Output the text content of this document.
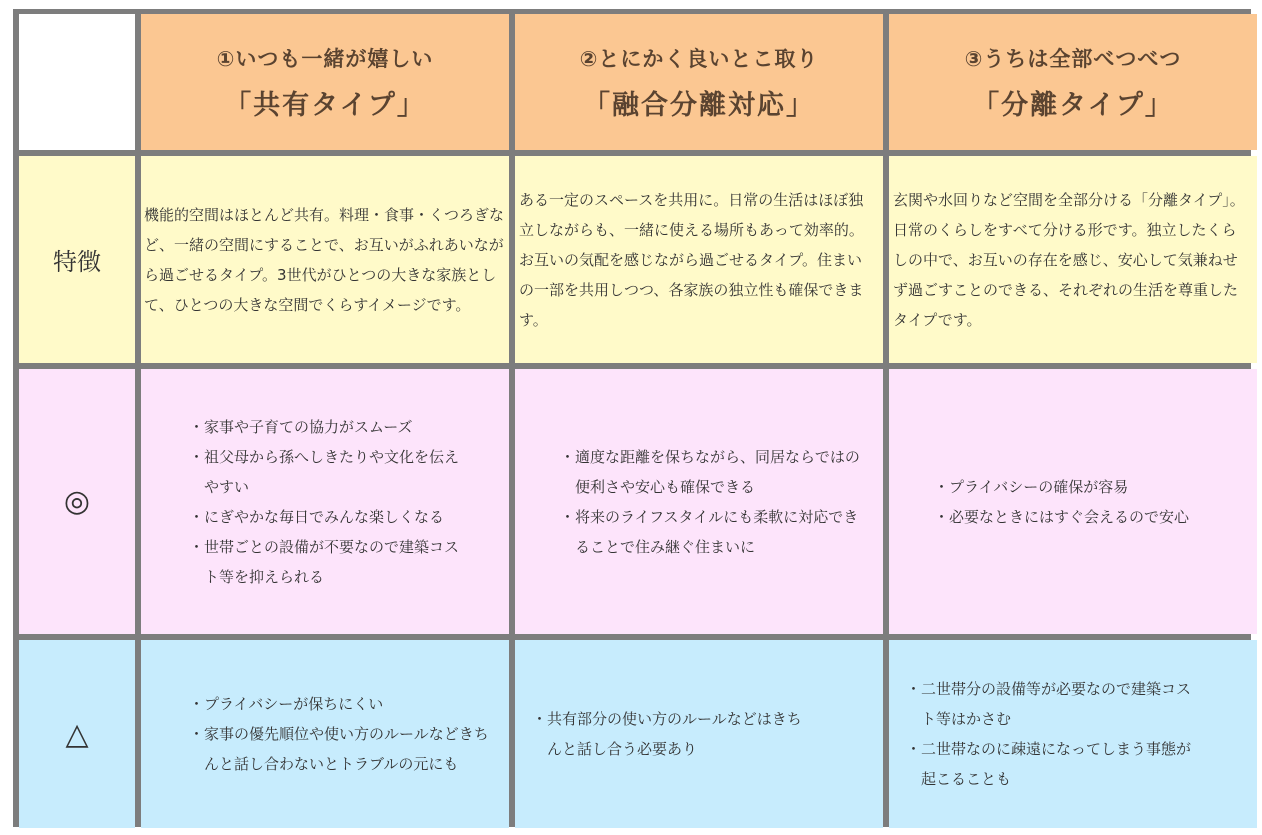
①いつも一緒が嬉しい
「共有タイプ」
②とにかく良いとこ取り
「融合分離対応」
③うちは全部べつべつ
「分離タイプ」
特徴

機能的空間はほとんど共有。料理・食事・くつろぎなど、一緒の空間にすることで、お互いがふれあいながら過ごせるタイプ。3世代がひとつの大きな家族として、ひとつの大きな空間でくらすイメージです。

ある一定のスペースを共用に。日常の生活はほぼ独立しながらも、一緒に使える場所もあって効率的。お互いの気配を感じながら過ごせるタイプ。住まいの一部を共用しつつ、各家族の独立性も確保できます。

玄関や水回りなど空間を全部分ける「分離タイプ」。日常のくらしをすべて分ける形です。独立したくらしの中で、お互いの存在を感じ、安心して気兼ねせず過ごすことのできる、それぞれの生活を尊重したタイプです。

◎
・ 家事や子育ての協力がスムーズ
・ 祖父母から孫へしきたりや文化を伝えやすい
・ にぎやかな毎日でみんな楽しくなる
・ 世帯ごとの設備が不要なので建築コスト等を抑えられる
・ 適度な距離を保ちながら、同居ならではの便利さや安心も確保できる
・ 将来のライフスタイルにも柔軟に対応できることで住み継ぐ住まいに
・ プライバシーの確保が容易
・ 必要なときにはすぐ会えるので安心
△
・ プライバシーが保ちにくい
・ 家事の優先順位や使い方のルールなどきちんと話し合わないとトラブルの元にも
・ 共有部分の使い方のルールなどはきちんと話し合う必要あり
・ 二世帯分の設備等が必要なので建築コスト等はかさむ
・ 二世帯なのに疎遠になってしまう事態が起こることも
